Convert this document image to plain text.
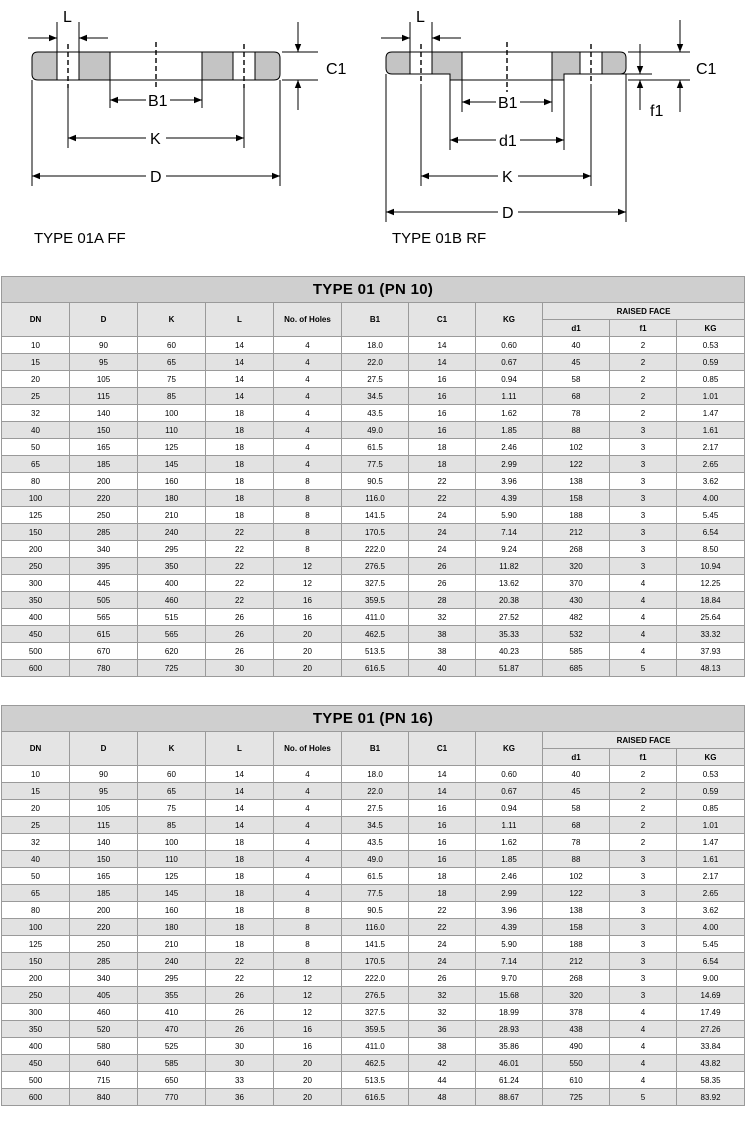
L
C1
B1
K
D
L
C1
f1
B1
d1
K
D
TYPE 01A FF	TYPE 01B RF
TYPE 01 (PN 10)										
DN	D	K	L	No. of Holes	B1	C1	KG	RAISED FACE		
								d1	f1	KG
10	90	60	14	4	18.0	14	0.60	40	2	0.53
15	95	65	14	4	22.0	14	0.67	45	2	0.59
20	105	75	14	4	27.5	16	0.94	58	2	0.85
25	115	85	14	4	34.5	16	1.11	68	2	1.01
32	140	100	18	4	43.5	16	1.62	78	2	1.47
40	150	110	18	4	49.0	16	1.85	88	3	1.61
50	165	125	18	4	61.5	18	2.46	102	3	2.17
65	185	145	18	4	77.5	18	2.99	122	3	2.65
80	200	160	18	8	90.5	22	3.96	138	3	3.62
100	220	180	18	8	116.0	22	4.39	158	3	4.00
125	250	210	18	8	141.5	24	5.90	188	3	5.45
150	285	240	22	8	170.5	24	7.14	212	3	6.54
200	340	295	22	8	222.0	24	9.24	268	3	8.50
250	395	350	22	12	276.5	26	11.82	320	3	10.94
300	445	400	22	12	327.5	26	13.62	370	4	12.25
350	505	460	22	16	359.5	28	20.38	430	4	18.84
400	565	515	26	16	411.0	32	27.52	482	4	25.64
450	615	565	26	20	462.5	38	35.33	532	4	33.32
500	670	620	26	20	513.5	38	40.23	585	4	37.93
600	780	725	30	20	616.5	40	51.87	685	5	48.13
TYPE 01 (PN 16)										
DN	D	K	L	No. of Holes	B1	C1	KG	RAISED FACE		
								d1	f1	KG
10	90	60	14	4	18.0	14	0.60	40	2	0.53
15	95	65	14	4	22.0	14	0.67	45	2	0.59
20	105	75	14	4	27.5	16	0.94	58	2	0.85
25	115	85	14	4	34.5	16	1.11	68	2	1.01
32	140	100	18	4	43.5	16	1.62	78	2	1.47
40	150	110	18	4	49.0	16	1.85	88	3	1.61
50	165	125	18	4	61.5	18	2.46	102	3	2.17
65	185	145	18	4	77.5	18	2.99	122	3	2.65
80	200	160	18	8	90.5	22	3.96	138	3	3.62
100	220	180	18	8	116.0	22	4.39	158	3	4.00
125	250	210	18	8	141.5	24	5.90	188	3	5.45
150	285	240	22	8	170.5	24	7.14	212	3	6.54
200	340	295	22	12	222.0	26	9.70	268	3	9.00
250	405	355	26	12	276.5	32	15.68	320	3	14.69
300	460	410	26	12	327.5	32	18.99	378	4	17.49
350	520	470	26	16	359.5	36	28.93	438	4	27.26
400	580	525	30	16	411.0	38	35.86	490	4	33.84
450	640	585	30	20	462.5	42	46.01	550	4	43.82
500	715	650	33	20	513.5	44	61.24	610	4	58.35
600	840	770	36	20	616.5	48	88.67	725	5	83.92
